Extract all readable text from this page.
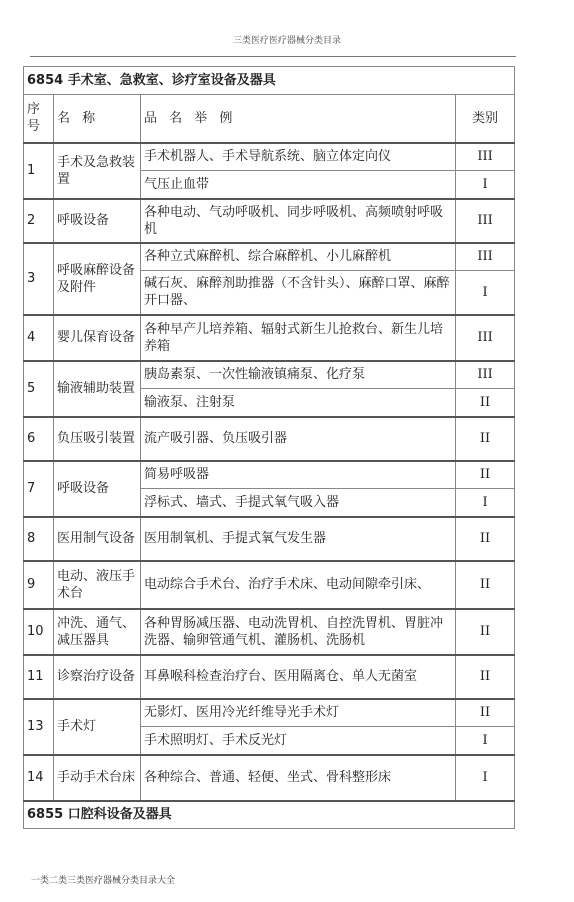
三类医疗医疗器械分类目录
6854 手术室、急救室、诊疗室设备及器具			
序号	名 称	品 名 举 例	类别
1	手术及急救装置	手术机器人、手术导航系统、脑立体定向仪	III
		气压止血带	I
2	呼吸设备	各种电动、气动呼吸机、同步呼吸机、高频喷射呼吸机	III
3	呼吸麻醉设备及附件	各种立式麻醉机、综合麻醉机、小儿麻醉机	III
		碱石灰、麻醉剂助推器（不含针头）、麻醉口罩、麻醉开口器、	I
4	婴儿保育设备	各种早产儿培养箱、辐射式新生儿抢救台、新生儿培养箱	III
5	输液辅助装置	胰岛素泵、一次性输液镇痛泵、化疗泵	III
		输液泵、注射泵	II
6	负压吸引装置	流产吸引器、负压吸引器	II
7	呼吸设备	简易呼吸器	II
		浮标式、墙式、手提式氧气吸入器	I
8	医用制气设备	医用制氧机、手提式氧气发生器	II
9	电动、液压手术台	电动综合手术台、治疗手术床、电动间隙牵引床、	II
10	冲洗、通气、减压器具	各种胃肠减压器、电动洗胃机、自控洗胃机、胃脏冲洗器、输卵管通气机、灌肠机、洗肠机	II
11	诊察治疗设备	耳鼻喉科检查治疗台、医用隔离仓、单人无菌室	II
13	手术灯	无影灯、医用冷光纤维导光手术灯	II
		手术照明灯、手术反光灯	I
14	手动手术台床	各种综合、普通、轻便、坐式、骨科整形床	I
6855 口腔科设备及器具			
一类二类三类医疗器械分类目录大全
